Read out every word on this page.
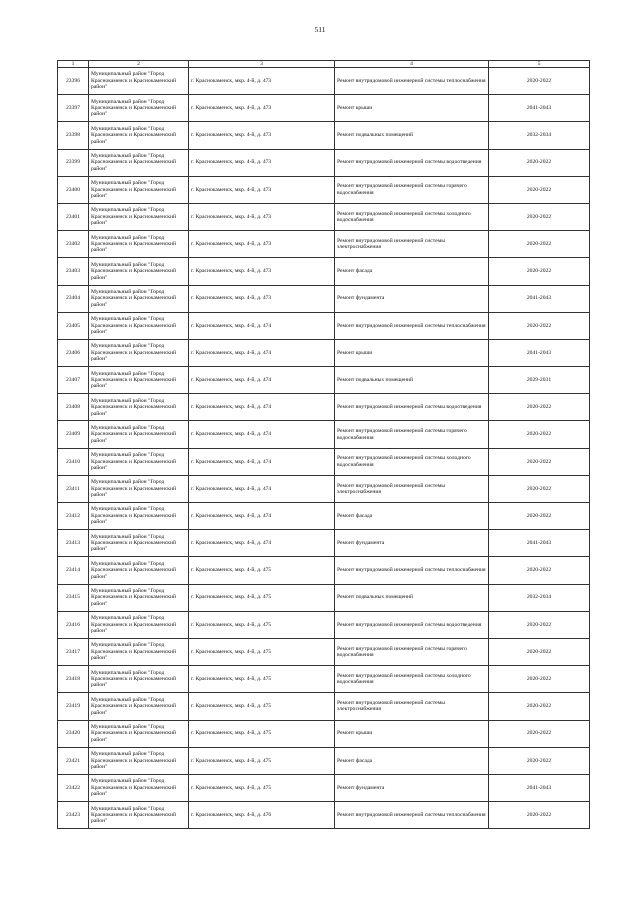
511
1	2	3	4	5
23396	Муниципальный район "Город Краснокаменск и Краснокаменский район"	г. Краснокаменск, мкр. 4-й, д. 473	Ремонт внутридомовой инженерной системы теплоснабжения	2020-2022
23397	Муниципальный район "Город Краснокаменск и Краснокаменский район"	г. Краснокаменск, мкр. 4-й, д. 473	Ремонт крыши	2041-2043
23398	Муниципальный район "Город Краснокаменск и Краснокаменский район"	г. Краснокаменск, мкр. 4-й, д. 473	Ремонт подвальных помещений	2032-2034
23399	Муниципальный район "Город Краснокаменск и Краснокаменский район"	г. Краснокаменск, мкр. 4-й, д. 473	Ремонт внутридомовой инженерной системы водоотведения	2020-2022
23400	Муниципальный район "Город Краснокаменск и Краснокаменский район"	г. Краснокаменск, мкр. 4-й, д. 473	Ремонт внутридомовой инженерной системы горячего водоснабжения	2020-2022
23401	Муниципальный район "Город Краснокаменск и Краснокаменский район"	г. Краснокаменск, мкр. 4-й, д. 473	Ремонт внутридомовой инженерной системы холодного водоснабжения	2020-2022
23402	Муниципальный район "Город Краснокаменск и Краснокаменский район"	г. Краснокаменск, мкр. 4-й, д. 473	Ремонт внутридомовой инженерной системы электроснабжения	2020-2022
23403	Муниципальный район "Город Краснокаменск и Краснокаменский район"	г. Краснокаменск, мкр. 4-й, д. 473	Ремонт фасада	2020-2022
23404	Муниципальный район "Город Краснокаменск и Краснокаменский район"	г. Краснокаменск, мкр. 4-й, д. 473	Ремонт фундамента	2041-2043
23405	Муниципальный район "Город Краснокаменск и Краснокаменский район"	г. Краснокаменск, мкр. 4-й, д. 474	Ремонт внутридомовой инженерной системы теплоснабжения	2020-2022
23406	Муниципальный район "Город Краснокаменск и Краснокаменский район"	г. Краснокаменск, мкр. 4-й, д. 474	Ремонт крыши	2041-2043
23407	Муниципальный район "Город Краснокаменск и Краснокаменский район"	г. Краснокаменск, мкр. 4-й, д. 474	Ремонт подвальных помещений	2029-2031
23408	Муниципальный район "Город Краснокаменск и Краснокаменский район"	г. Краснокаменск, мкр. 4-й, д. 474	Ремонт внутридомовой инженерной системы водоотведения	2020-2022
23409	Муниципальный район "Город Краснокаменск и Краснокаменский район"	г. Краснокаменск, мкр. 4-й, д. 474	Ремонт внутридомовой инженерной системы горячего водоснабжения	2020-2022
23410	Муниципальный район "Город Краснокаменск и Краснокаменский район"	г. Краснокаменск, мкр. 4-й, д. 474	Ремонт внутридомовой инженерной системы холодного водоснабжения	2020-2022
23411	Муниципальный район "Город Краснокаменск и Краснокаменский район"	г. Краснокаменск, мкр. 4-й, д. 474	Ремонт внутридомовой инженерной системы электроснабжения	2020-2022
23412	Муниципальный район "Город Краснокаменск и Краснокаменский район"	г. Краснокаменск, мкр. 4-й, д. 474	Ремонт фасада	2020-2022
23413	Муниципальный район "Город Краснокаменск и Краснокаменский район"	г. Краснокаменск, мкр. 4-й, д. 474	Ремонт фундамента	2041-2043
23414	Муниципальный район "Город Краснокаменск и Краснокаменский район"	г. Краснокаменск, мкр. 4-й, д. 475	Ремонт внутридомовой инженерной системы теплоснабжения	2020-2022
23415	Муниципальный район "Город Краснокаменск и Краснокаменский район"	г. Краснокаменск, мкр. 4-й, д. 475	Ремонт подвальных помещений	2032-2034
23416	Муниципальный район "Город Краснокаменск и Краснокаменский район"	г. Краснокаменск, мкр. 4-й, д. 475	Ремонт внутридомовой инженерной системы водоотведения	2020-2022
23417	Муниципальный район "Город Краснокаменск и Краснокаменский район"	г. Краснокаменск, мкр. 4-й, д. 475	Ремонт внутридомовой инженерной системы горячего водоснабжения	2020-2022
23418	Муниципальный район "Город Краснокаменск и Краснокаменский район"	г. Краснокаменск, мкр. 4-й, д. 475	Ремонт внутридомовой инженерной системы холодного водоснабжения	2020-2022
23419	Муниципальный район "Город Краснокаменск и Краснокаменский район"	г. Краснокаменск, мкр. 4-й, д. 475	Ремонт внутридомовой инженерной системы электроснабжения	2020-2022
23420	Муниципальный район "Город Краснокаменск и Краснокаменский район"	г. Краснокаменск, мкр. 4-й, д. 475	Ремонт крыши	2020-2022
23421	Муниципальный район "Город Краснокаменск и Краснокаменский район"	г. Краснокаменск, мкр. 4-й, д. 475	Ремонт фасада	2020-2022
23422	Муниципальный район "Город Краснокаменск и Краснокаменский район"	г. Краснокаменск, мкр. 4-й, д. 475	Ремонт фундамента	2041-2043
23423	Муниципальный район "Город Краснокаменск и Краснокаменский район"	г. Краснокаменск, мкр. 4-й, д. 476	Ремонт внутридомовой инженерной системы теплоснабжения	2020-2022
